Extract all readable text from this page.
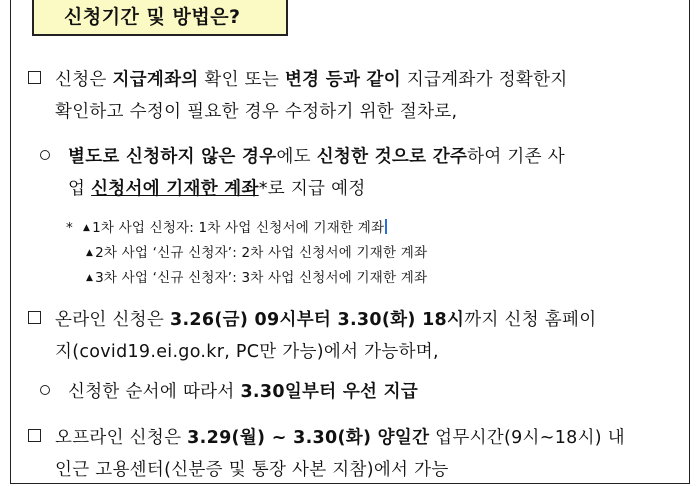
신청기간 및 방법은?
신청은 지급계좌의 확인 또는 변경 등과 같이 지급계좌가 정확한지
확인하고 수정이 필요한 경우 수정하기 위한 절차로,
별도로 신청하지 않은 경우에도 신청한 것으로 간주하여 기존 사
업 신청서에 기재한 계좌*로 지급 예정
* ▲ 1차 사업 신청자: 1차 사업 신청서에 기재한 계좌
▲ 2차 사업 ‘신규 신청자’: 2차 사업 신청서에 기재한 계좌
▲ 3차 사업 ‘신규 신청자’: 3차 사업 신청서에 기재한 계좌
온라인 신청은 3.26(금) 09시부터 3.30(화) 18시까지 신청 홈페이
지(covid19.ei.go.kr, PC만 가능)에서 가능하며,
신청한 순서에 따라서 3.30일부터 우선 지급
오프라인 신청은 3.29(월) ~ 3.30(화) 양일간 업무시간(9시~18시) 내
인근 고용센터(신분증 및 통장 사본 지참)에서 가능
